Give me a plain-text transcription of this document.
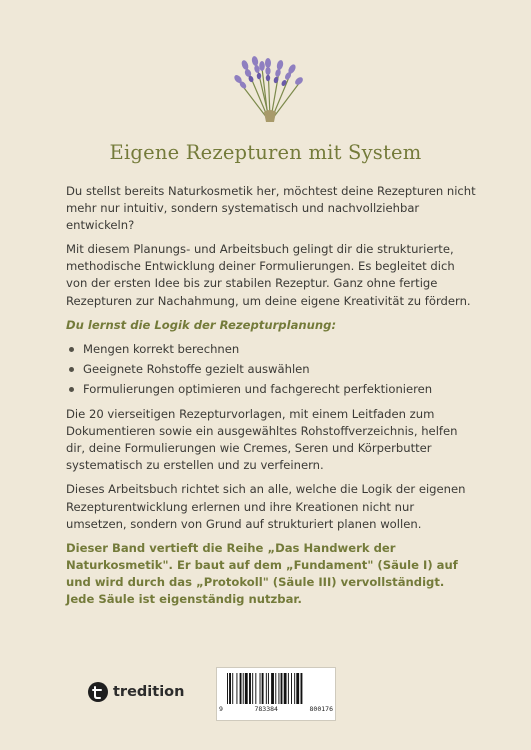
Eigene Rezepturen mit System

Du stellst bereits Naturkosmetik her, möchtest deine Rezepturen nicht mehr nur intuitiv, sondern systematisch und nachvollziehbar entwickeln?

Mit diesem Planungs- und Arbeitsbuch gelingt dir die strukturierte, methodische Entwicklung deiner Formulierungen. Es begleitet dich von der ersten Idee bis zur stabilen Rezeptur. Ganz ohne fertige Rezepturen zur Nachahmung, um deine eigene Kreativität zu fördern.

Du lernst die Logik der Rezepturplanung:

Mengen korrekt berechnen
Geeignete Rohstoffe gezielt auswählen
Formulierungen optimieren und fachgerecht perfektionieren

Die 20 vierseitigen Rezepturvorlagen, mit einem Leitfaden zum Dokumentieren sowie ein ausgewähltes Rohstoffverzeichnis, helfen dir, deine Formulierungen wie Cremes, Seren und Körperbutter systematisch zu erstellen und zu verfeinern.

Dieses Arbeitsbuch richtet sich an alle, welche die Logik der eigenen Rezepturentwicklung erlernen und ihre Kreationen nicht nur umsetzen, sondern von Grund auf strukturiert planen wollen.

Dieser Band vertieft die Reihe „Das Handwerk der Naturkosmetik". Er baut auf dem „Fundament" (Säule I) auf und wird durch das „Protokoll" (Säule III) vervollständigt. Jede Säule ist eigenständig nutzbar.

tredition
9	783384	800176
